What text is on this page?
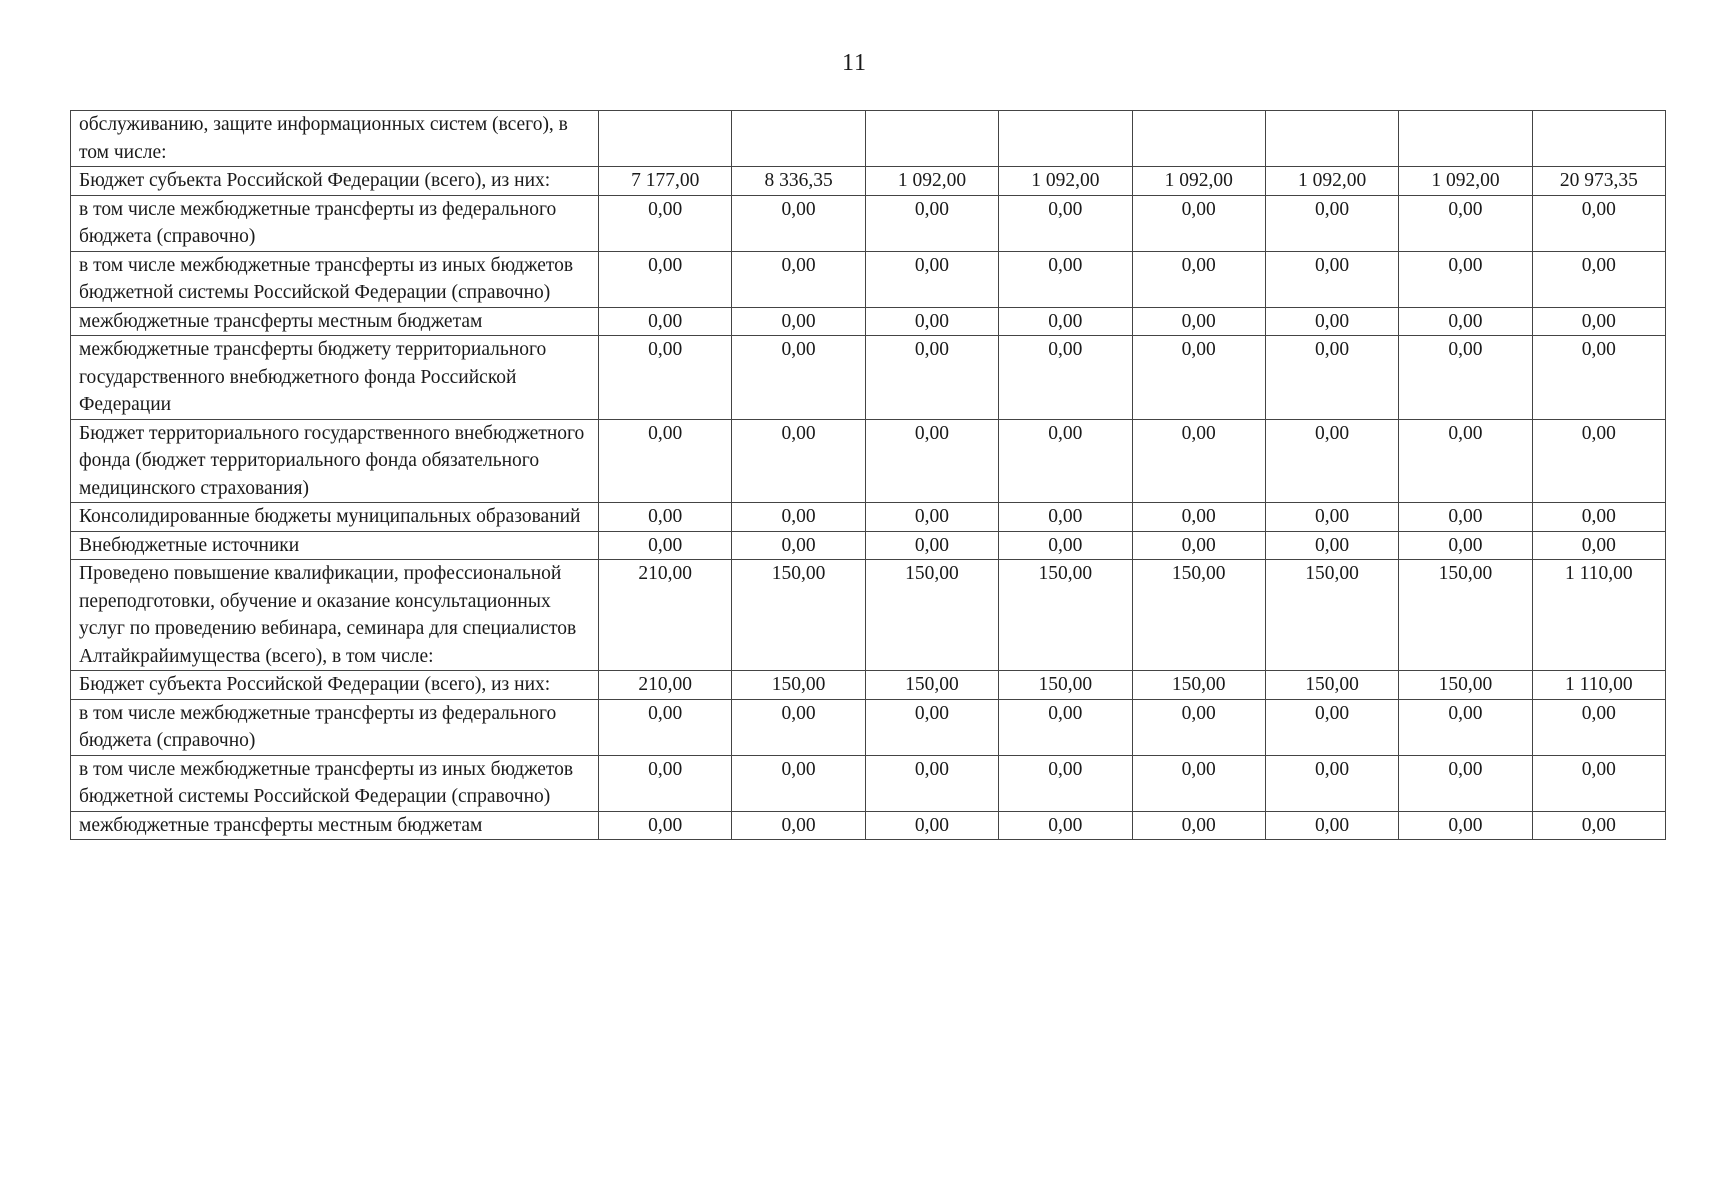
11
обслуживанию, защите информационных систем (всего), в том числе:								
Бюджет субъекта Российской Федерации (всего), из них:	7 177,00	8 336,35	1 092,00	1 092,00	1 092,00	1 092,00	1 092,00	20 973,35
в том числе межбюджетные трансферты из федерального бюджета (справочно)	0,00	0,00	0,00	0,00	0,00	0,00	0,00	0,00
в том числе межбюджетные трансферты из иных бюджетов бюджетной системы Российской Федерации (справочно)	0,00	0,00	0,00	0,00	0,00	0,00	0,00	0,00
межбюджетные трансферты местным бюджетам	0,00	0,00	0,00	0,00	0,00	0,00	0,00	0,00
межбюджетные трансферты бюджету территориального государственного внебюджетного фонда Российской Федерации	0,00	0,00	0,00	0,00	0,00	0,00	0,00	0,00
Бюджет территориального государственного внебюджетного фонда (бюджет территориального фонда обязательного медицинского страхования)	0,00	0,00	0,00	0,00	0,00	0,00	0,00	0,00
Консолидированные бюджеты муниципальных образований	0,00	0,00	0,00	0,00	0,00	0,00	0,00	0,00
Внебюджетные источники	0,00	0,00	0,00	0,00	0,00	0,00	0,00	0,00
Проведено повышение квалификации, профессиональной переподготовки, обучение и оказание консультационных услуг по проведению вебинара, семинара для специалистов Алтайкрайимущества (всего), в том числе:	210,00	150,00	150,00	150,00	150,00	150,00	150,00	1 110,00
Бюджет субъекта Российской Федерации (всего), из них:	210,00	150,00	150,00	150,00	150,00	150,00	150,00	1 110,00
в том числе межбюджетные трансферты из федерального бюджета (справочно)	0,00	0,00	0,00	0,00	0,00	0,00	0,00	0,00
в том числе межбюджетные трансферты из иных бюджетов бюджетной системы Российской Федерации (справочно)	0,00	0,00	0,00	0,00	0,00	0,00	0,00	0,00
межбюджетные трансферты местным бюджетам	0,00	0,00	0,00	0,00	0,00	0,00	0,00	0,00
